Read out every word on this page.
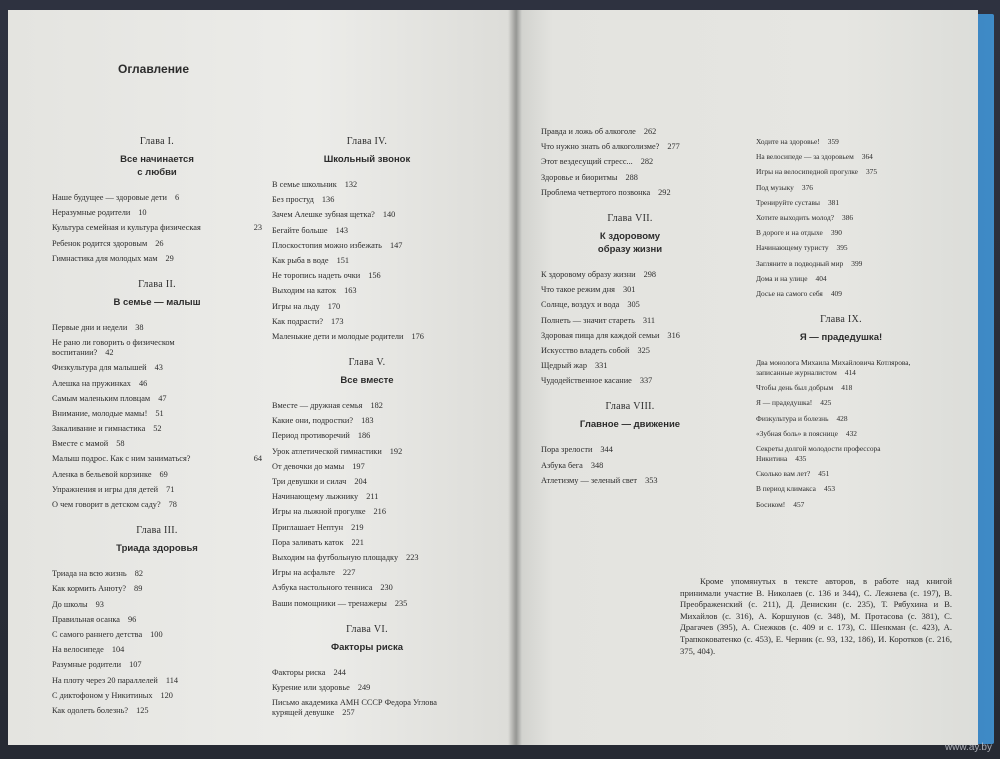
Оглавление
Глава I.
Все начинается
с любви
Наше будущее — здоровые дети 6
Неразумные родители 10
23
Культура семейная и культура физическая
Ребенок родится здоровым 26
Гимнастика для молодых мам 29
Глава II.
В семье — малыш
Первые дни и недели 38
Не рано ли говорить о физическом
воспитании? 42
Физкультура для малышей 43
Алешка на пружинках 46
Самым маленьким пловцам 47
Внимание, молодые мамы! 51
Закаливание и гимнастика 52
Вместе с мамой 58
64
Малыш подрос. Как с ним заниматься?
Аленка в бельевой корзинке 69
Упражнения и игры для детей 71
О чем говорит в детском саду? 78
Глава III.
Триада здоровья
Триада на всю жизнь 82
Как кормить Анюту? 89
До школы 93
Правильная осанка 96
С самого раннего детства 100
На велосипеде 104
Разумные родители 107
На плоту через 20 параллелей 114
С диктофоном у Никитиных 120
Как одолеть болезнь? 125
Глава IV.
Школьный звонок
В семье школьник 132
Без простуд 136
Зачем Алешке зубная щетка? 140
Бегайте больше 143
Плоскостопия можно избежать 147
Как рыба в воде 151
Не торопись надеть очки 156
Выходим на каток 163
Игры на льду 170
Как подрасти? 173
Маленькие дети и молодые родители 176
Глава V.
Все вместе
Вместе — дружная семья 182
Какие они, подростки? 183
Период противоречий 186
Урок атлетической гимнастики 192
От девочки до мамы 197
Три девушки и силач 204
Начинающему лыжнику 211
Игры на лыжной прогулке 216
Приглашает Нептун 219
Пора заливать каток 221
Выходим на футбольную площадку 223
Игры на асфальте 227
Азбука настольного тенниса 230
Ваши помощники — тренажеры 235
Глава VI.
Факторы риска
Факторы риска 244
Курение или здоровье 249
Письмо академика АМН СССР Федора Углова
курящей девушке 257
Правда и ложь об алкоголе 262
Что нужно знать об алкоголизме? 277
Этот вездесущий стресс... 282
Здоровье и биоритмы 288
Проблема четвертого позвонка 292
Глава VII.
К здоровому
образу жизни
К здоровому образу жизни 298
Что такое режим дня 301
Солнце, воздух и вода 305
Полнеть — значит стареть 311
Здоровая пища для каждой семьи 316
Искусство владеть собой 325
Щедрый жар 331
Чудодейственное касание 337
Глава VIII.
Главное — движение
Пора зрелости 344
Азбука бега 348
Атлетизму — зеленый свет 353
Ходите на здоровье! 359
На велосипеде — за здоровьем 364
Игры на велосипедной прогулке 375
Под музыку 376
Тренируйте суставы 381
Хотите выходить молод? 386
В дороге и на отдыхе 390
Начинающему туристу 395
Загляните в подводный мир 399
Дома и на улице 404
Досье на самого себя 409
Глава IX.
Я — прадедушка!
Два монолога Михаила Михайловича Котлярова,
записанные журналистом 414
Чтобы день был добрым 418
Я — прадедушка! 425
Физкультура и болезнь 428
«Зубная боль» в пояснице 432
Секреты долгой молодости профессора
Никитина 435
Сколько вам лет? 451
В период климакса 453
Босиком! 457

Кроме упомянутых в тексте авторов, в работе над книгой принимали участие В. Николаев (с. 136 и 344), С. Лежнева (с. 197), В. Преображенский (с. 211), Д. Денискин (с. 235), Т. Рябухина и В. Михайлов (с. 316), А. Коршунов (с. 348), М. Протасова (с. 381), С. Драгачев (395), А. Снежков (с. 409 и с. 173), С. Шенкман (с. 423), А. Трапкоковатенко (с. 453), Е. Черник (с. 93, 132, 186), И. Коротков (с. 216, 375, 404).

www.ay.by
